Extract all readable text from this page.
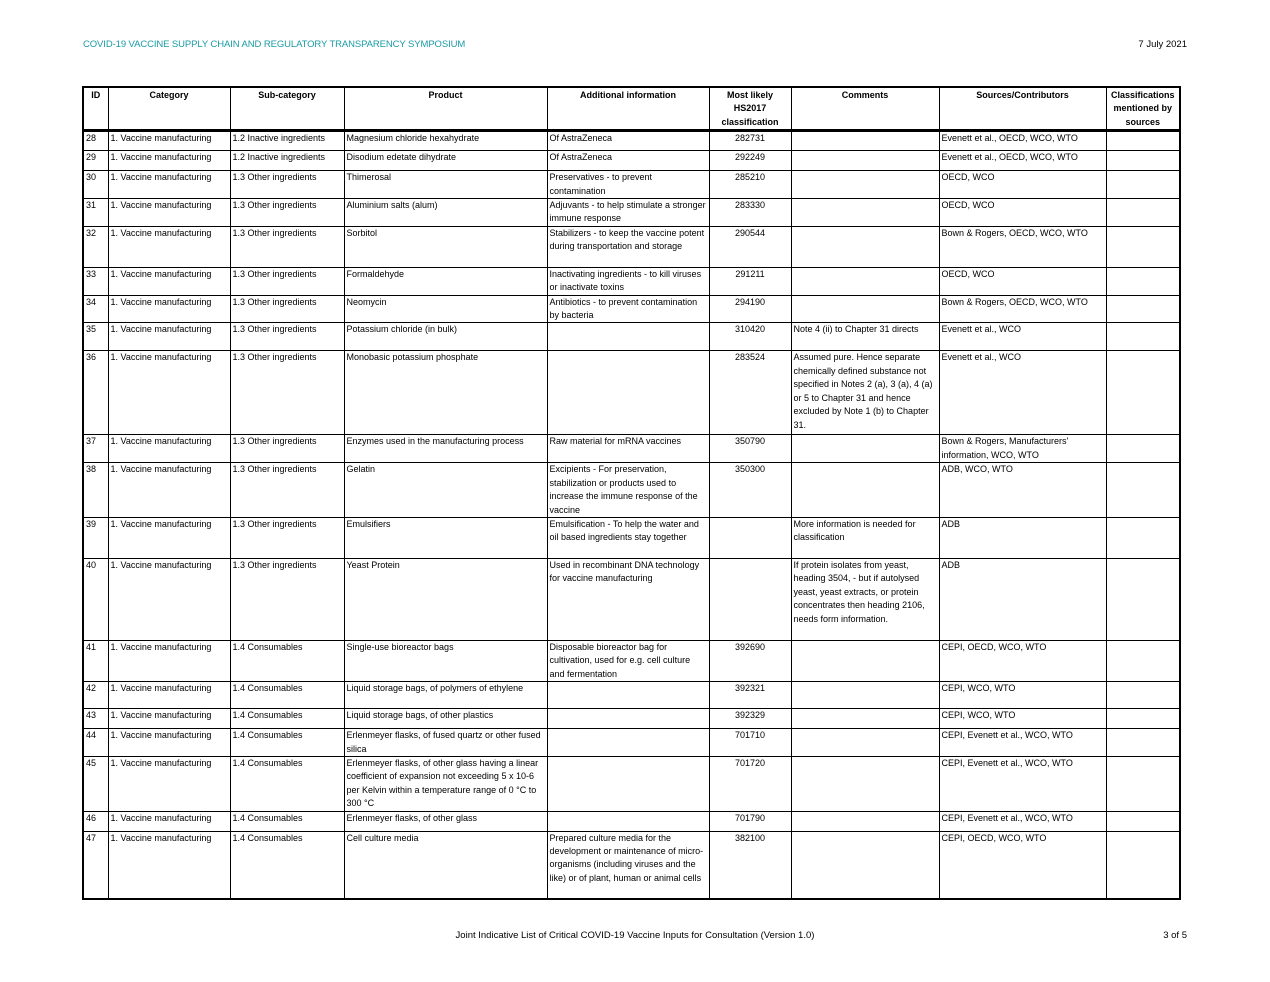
COVID-19 VACCINE SUPPLY CHAIN AND REGULATORY TRANSPARENCY SYMPOSIUM	7 July 2021
ID	Category	Sub-category	Product	Additional information	Most likely HS2017 classification	Comments	Sources/Contributors	Classifications mentioned by sources
28	1. Vaccine manufacturing	1.2 Inactive ingredients	Magnesium chloride hexahydrate	Of AstraZeneca	282731		Evenett et al., OECD, WCO, WTO	
29	1. Vaccine manufacturing	1.2 Inactive ingredients	Disodium edetate dihydrate	Of AstraZeneca	292249		Evenett et al., OECD, WCO, WTO	
30	1. Vaccine manufacturing	1.3 Other ingredients	Thimerosal	Preservatives - to prevent contamination	285210		OECD, WCO	
31	1. Vaccine manufacturing	1.3 Other ingredients	Aluminium salts (alum)	Adjuvants - to help stimulate a stronger immune response	283330		OECD, WCO	
32	1. Vaccine manufacturing	1.3 Other ingredients	Sorbitol	Stabilizers - to keep the vaccine potent during transportation and storage	290544		Bown & Rogers, OECD, WCO, WTO	
33	1. Vaccine manufacturing	1.3 Other ingredients	Formaldehyde	Inactivating ingredients - to kill viruses or inactivate toxins	291211		OECD, WCO	
34	1. Vaccine manufacturing	1.3 Other ingredients	Neomycin	Antibiotics - to prevent contamination by bacteria	294190		Bown & Rogers, OECD, WCO, WTO	
35	1. Vaccine manufacturing	1.3 Other ingredients	Potassium chloride (in bulk)		310420	Note 4 (ii) to Chapter 31 directs	Evenett et al., WCO	
36	1. Vaccine manufacturing	1.3 Other ingredients	Monobasic potassium phosphate		283524	Assumed pure. Hence separate chemically defined substance not specified in Notes 2 (a), 3 (a), 4 (a) or 5 to Chapter 31 and hence excluded by Note 1 (b) to Chapter 31.	Evenett et al., WCO	
37	1. Vaccine manufacturing	1.3 Other ingredients	Enzymes used in the manufacturing process	Raw material for mRNA vaccines	350790		Bown & Rogers, Manufacturers' information, WCO, WTO	
38	1. Vaccine manufacturing	1.3 Other ingredients	Gelatin	Excipients - For preservation, stabilization or products used to increase the immune response of the vaccine	350300		ADB, WCO, WTO	
39	1. Vaccine manufacturing	1.3 Other ingredients	Emulsifiers	Emulsification - To help the water and oil based ingredients stay together		More information is needed for classification	ADB	
40	1. Vaccine manufacturing	1.3 Other ingredients	Yeast Protein	Used in recombinant DNA technology for vaccine manufacturing		If protein isolates from yeast, heading 3504, - but if autolysed yeast, yeast extracts, or protein concentrates then heading 2106, needs form information.	ADB	
41	1. Vaccine manufacturing	1.4 Consumables	Single-use bioreactor bags	Disposable bioreactor bag for cultivation, used for e.g. cell culture and fermentation	392690		CEPI, OECD, WCO, WTO	
42	1. Vaccine manufacturing	1.4 Consumables	Liquid storage bags, of polymers of ethylene		392321		CEPI, WCO, WTO	
43	1. Vaccine manufacturing	1.4 Consumables	Liquid storage bags, of other plastics		392329		CEPI, WCO, WTO	
44	1. Vaccine manufacturing	1.4 Consumables	Erlenmeyer flasks, of fused quartz or other fused silica		701710		CEPI, Evenett et al., WCO, WTO	
45	1. Vaccine manufacturing	1.4 Consumables	Erlenmeyer flasks, of other glass having a linear coefficient of expansion not exceeding 5 x 10-6 per Kelvin within a temperature range of 0 °C to 300 °C		701720		CEPI, Evenett et al., WCO, WTO	
46	1. Vaccine manufacturing	1.4 Consumables	Erlenmeyer flasks, of other glass		701790		CEPI, Evenett et al., WCO, WTO	
47	1. Vaccine manufacturing	1.4 Consumables	Cell culture media	Prepared culture media for the development or maintenance of micro-organisms (including viruses and the like) or of plant, human or animal cells	382100		CEPI, OECD, WCO, WTO	
Joint Indicative List of Critical COVID-19 Vaccine Inputs for Consultation (Version 1.0)	3 of 5
